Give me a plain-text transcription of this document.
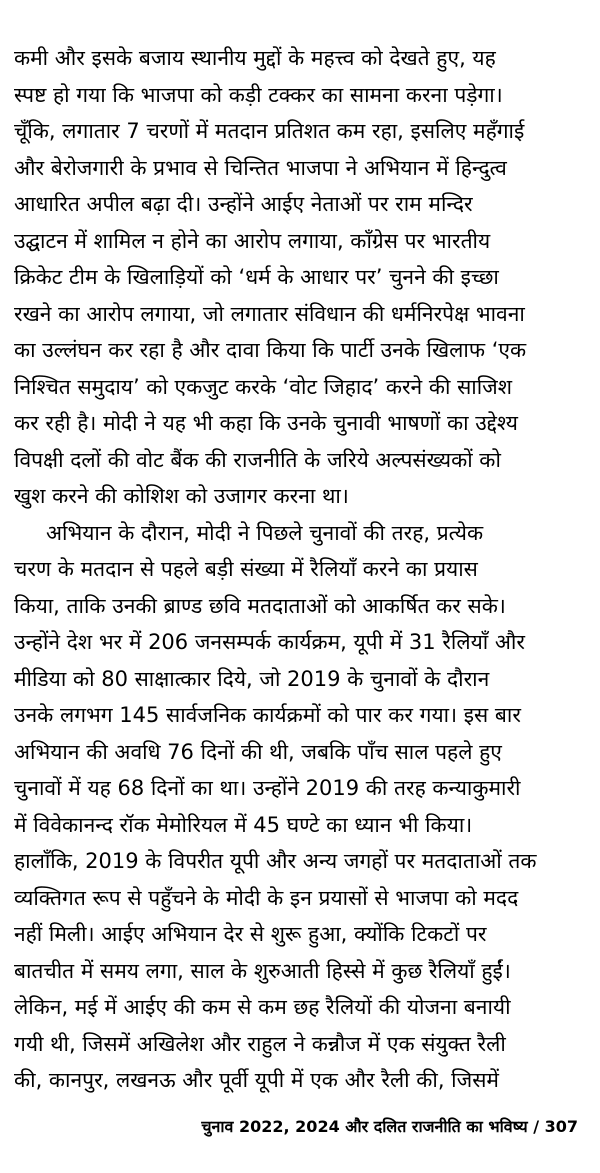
कमी और इसके बजाय स्थानीय मुद्दों के महत्त्व को देखते हुए, यह
स्पष्ट हो गया कि भाजपा को कड़ी टक्कर का सामना करना पड़ेगा।
चूँकि, लगातार 7 चरणों में मतदान प्रतिशत कम रहा, इसलिए महँगाई
और बेरोजगारी के प्रभाव से चिन्तित भाजपा ने अभियान में हिन्दुत्व
आधारित अपील बढ़ा दी। उन्होंने आईए नेताओं पर राम मन्दिर
उद्घाटन में शामिल न होने का आरोप लगाया, काँग्रेस पर भारतीय
क्रिकेट टीम के खिलाड़ियों को ‘धर्म के आधार पर’ चुनने की इच्छा
रखने का आरोप लगाया, जो लगातार संविधान की धर्मनिरपेक्ष भावना
का उल्लंघन कर रहा है और दावा किया कि पार्टी उनके खिलाफ ‘एक
निश्चित समुदाय’ को एकजुट करके ‘वोट जिहाद’ करने की साजिश
कर रही है। मोदी ने यह भी कहा कि उनके चुनावी भाषणों का उद्देश्य
विपक्षी दलों की वोट बैंक की राजनीति के जरिये अल्पसंख्यकों को
खुश करने की कोशिश को उजागर करना था।
अभियान के दौरान, मोदी ने पिछले चुनावों की तरह, प्रत्येक
चरण के मतदान से पहले बड़ी संख्या में रैलियाँ करने का प्रयास
किया, ताकि उनकी ब्राण्ड छवि मतदाताओं को आकर्षित कर सके।
उन्होंने देश भर में 206 जनसम्पर्क कार्यक्रम, यूपी में 31 रैलियाँ और
मीडिया को 80 साक्षात्कार दिये, जो 2019 के चुनावों के दौरान
उनके लगभग 145 सार्वजनिक कार्यक्रमों को पार कर गया। इस बार
अभियान की अवधि 76 दिनों की थी, जबकि पाँच साल पहले हुए
चुनावों में यह 68 दिनों का था। उन्होंने 2019 की तरह कन्याकुमारी
में विवेकानन्द रॉक मेमोरियल में 45 घण्टे का ध्यान भी किया।
हालाँकि, 2019 के विपरीत यूपी और अन्य जगहों पर मतदाताओं तक
व्यक्तिगत रूप से पहुँचने के मोदी के इन प्रयासों से भाजपा को मदद
नहीं मिली। आईए अभियान देर से शुरू हुआ, क्योंकि टिकटों पर
बातचीत में समय लगा, साल के शुरुआती हिस्से में कुछ रैलियाँ हुईं।
लेकिन, मई में आईए की कम से कम छह रैलियों की योजना बनायी
गयी थी, जिसमें अखिलेश और राहुल ने कन्नौज में एक संयुक्त रैली
की, कानपुर, लखनऊ और पूर्वी यूपी में एक और रैली की, जिसमें
चुनाव 2022, 2024 और दलित राजनीति का भविष्य / 307
